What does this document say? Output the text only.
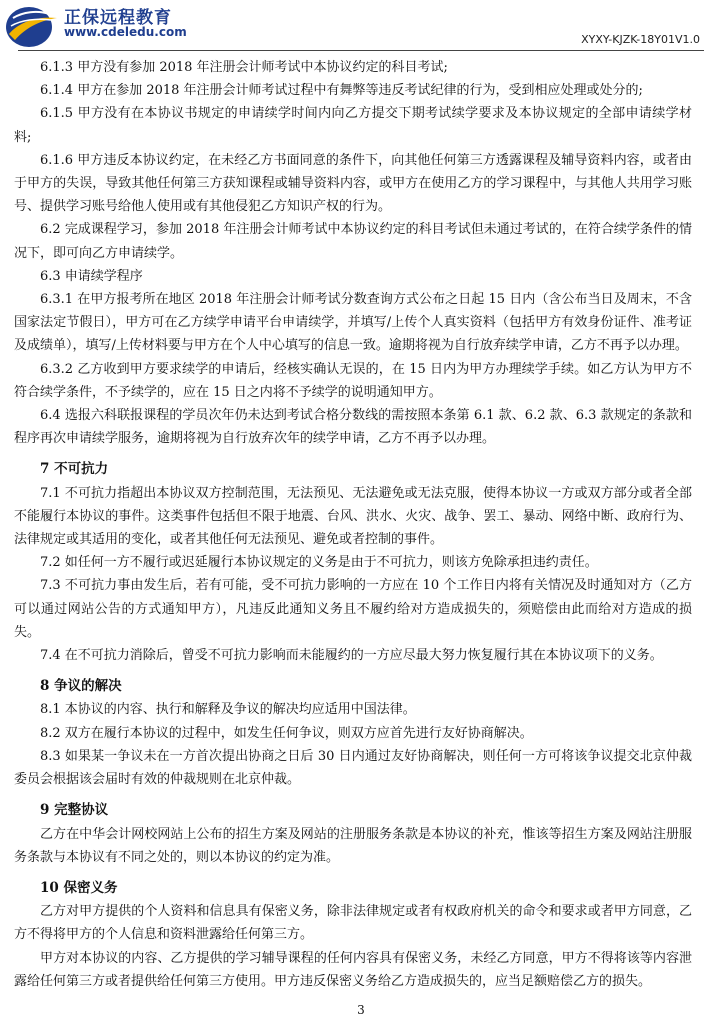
正保远程教育
www.cdeledu.com
XYXY-KJZK-18Y01V1.0

6.1.3 甲方没有参加 2018 年注册会计师考试中本协议约定的科目考试;

6.1.4 甲方在参加 2018 年注册会计师考试过程中有舞弊等违反考试纪律的行为，受到相应处理或处分的;

6.1.5 甲方没有在本协议书规定的申请续学时间内向乙方提交下期考试续学要求及本协议规定的全部申请续学材料;

6.1.6 甲方违反本协议约定，在未经乙方书面同意的条件下，向其他任何第三方透露课程及辅导资料内容，或者由于甲方的失误，导致其他任何第三方获知课程或辅导资料内容，或甲方在使用乙方的学习课程中，与其他人共用学习账号、提供学习账号给他人使用或有其他侵犯乙方知识产权的行为。

6.2 完成课程学习，参加 2018 年注册会计师考试中本协议约定的科目考试但未通过考试的，在符合续学条件的情况下，即可向乙方申请续学。

6.3 申请续学程序

6.3.1 在甲方报考所在地区 2018 年注册会计师考试分数查询方式公布之日起 15 日内（含公布当日及周末，不含国家法定节假日），甲方可在乙方续学申请平台申请续学，并填写/上传个人真实资料（包括甲方有效身份证件、准考证及成绩单），填写/上传材料要与甲方在个人中心填写的信息一致。逾期将视为自行放弃续学申请，乙方不再予以办理。

6.3.2 乙方收到甲方要求续学的申请后，经核实确认无误的，在 15 日内为甲方办理续学手续。如乙方认为甲方不符合续学条件，不予续学的，应在 15 日之内将不予续学的说明通知甲方。

6.4 选报六科联报课程的学员次年仍未达到考试合格分数线的需按照本条第 6.1 款、6.2 款、6.3 款规定的条款和程序再次申请续学服务，逾期将视为自行放弃次年的续学申请，乙方不再予以办理。

7 不可抗力

7.1 不可抗力指超出本协议双方控制范围，无法预见、无法避免或无法克服，使得本协议一方或双方部分或者全部不能履行本协议的事件。这类事件包括但不限于地震、台风、洪水、火灾、战争、罢工、暴动、网络中断、政府行为、法律规定或其适用的变化，或者其他任何无法预见、避免或者控制的事件。

7.2 如任何一方不履行或迟延履行本协议规定的义务是由于不可抗力，则该方免除承担违约责任。

7.3 不可抗力事由发生后，若有可能，受不可抗力影响的一方应在 10 个工作日内将有关情况及时通知对方（乙方可以通过网站公告的方式通知甲方），凡违反此通知义务且不履约给对方造成损失的，须赔偿由此而给对方造成的损失。

7.4 在不可抗力消除后，曾受不可抗力影响而未能履约的一方应尽最大努力恢复履行其在本协议项下的义务。

8 争议的解决

8.1 本协议的内容、执行和解释及争议的解决均应适用中国法律。

8.2 双方在履行本协议的过程中，如发生任何争议，则双方应首先进行友好协商解决。

8.3 如果某一争议未在一方首次提出协商之日后 30 日内通过友好协商解决，则任何一方可将该争议提交北京仲裁委员会根据该会届时有效的仲裁规则在北京仲裁。

9 完整协议

乙方在中华会计网校网站上公布的招生方案及网站的注册服务条款是本协议的补充，惟该等招生方案及网站注册服务条款与本协议有不同之处的，则以本协议的约定为准。

10 保密义务

乙方对甲方提供的个人资料和信息具有保密义务，除非法律规定或者有权政府机关的命令和要求或者甲方同意，乙方不得将甲方的个人信息和资料泄露给任何第三方。

甲方对本协议的内容、乙方提供的学习辅导课程的任何内容具有保密义务，未经乙方同意，甲方不得将该等内容泄露给任何第三方或者提供给任何第三方使用。甲方违反保密义务给乙方造成损失的，应当足额赔偿乙方的损失。

3
